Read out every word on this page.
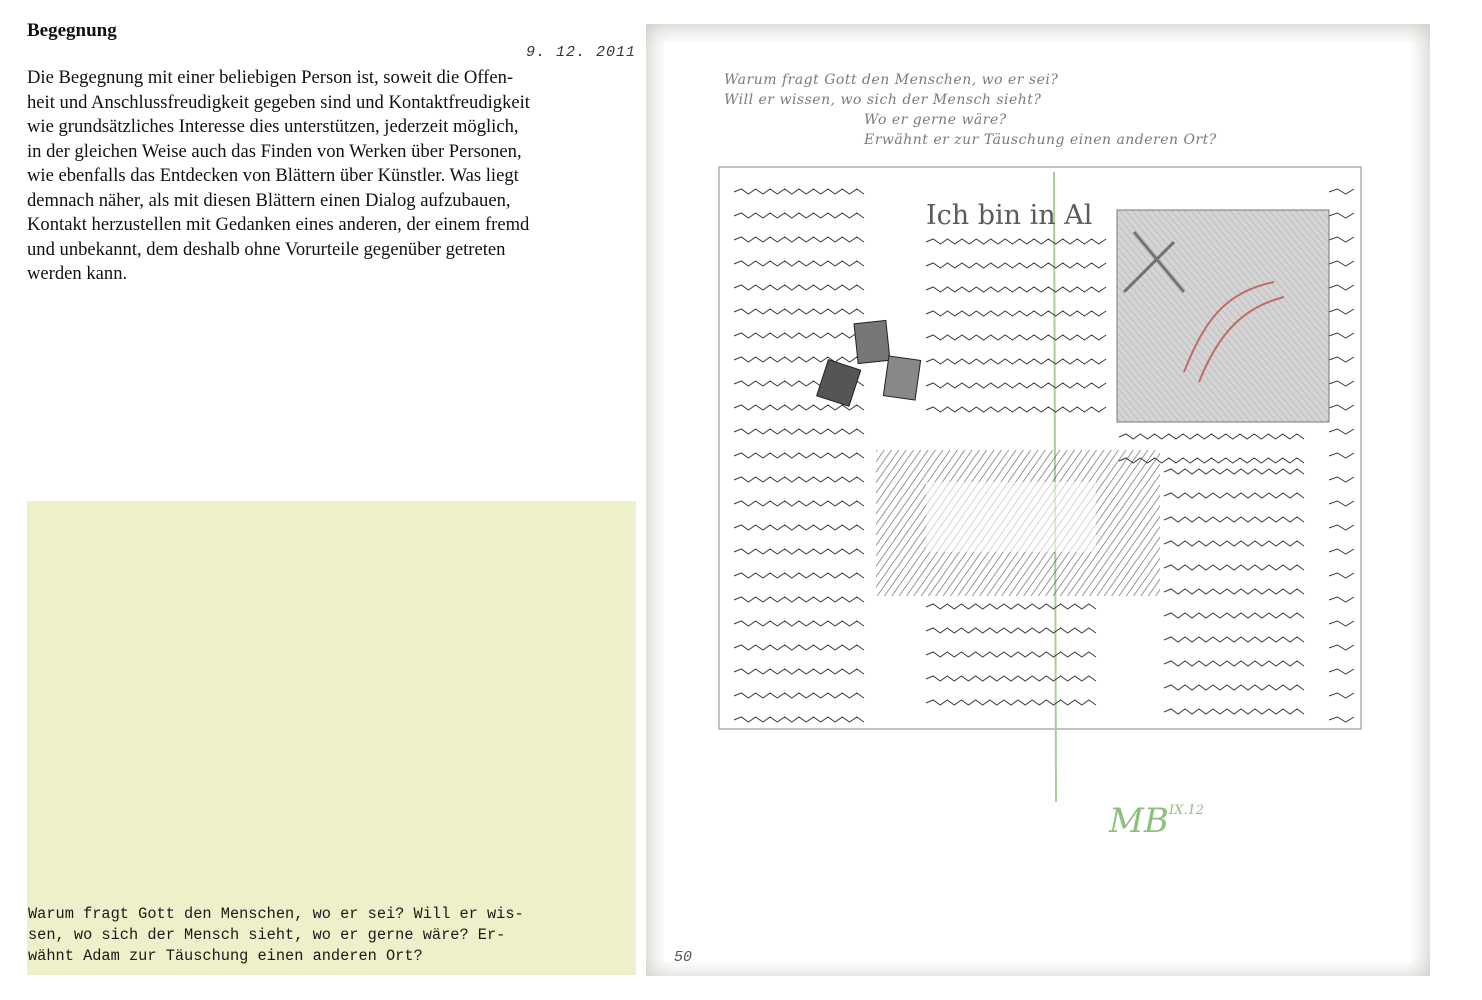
Begegnung
9. 12. 2011
Die Begegnung mit einer beliebigen Person ist, soweit die Offen-
heit und Anschlussfreudigkeit gegeben sind und Kontaktfreudigkeit
wie grundsätzliches Interesse dies unterstützen, jederzeit möglich,
in der gleichen Weise auch das Finden von Werken über Personen,
wie ebenfalls das Entdecken von Blättern über Künstler. Was liegt
demnach näher, als mit diesen Blättern einen Dialog aufzubauen,
Kontakt herzustellen mit Gedanken eines anderen, der einem fremd
und unbekannt, dem deshalb ohne Vorurteile gegenüber getreten
werden kann.
Warum fragt Gott den Menschen, wo er sei? Will er wis-
sen, wo sich der Mensch sieht, wo er gerne wäre? Er-
wähnt Adam zur Täuschung einen anderen Ort?
Warum fragt Gott den Menschen, wo er sei?
Will er wissen, wo sich der Mensch sieht?
Wo er gerne wäre?
Erwähnt er zur Täuschung einen anderen Ort?
Ich bin in Al
MB IX.12
50
